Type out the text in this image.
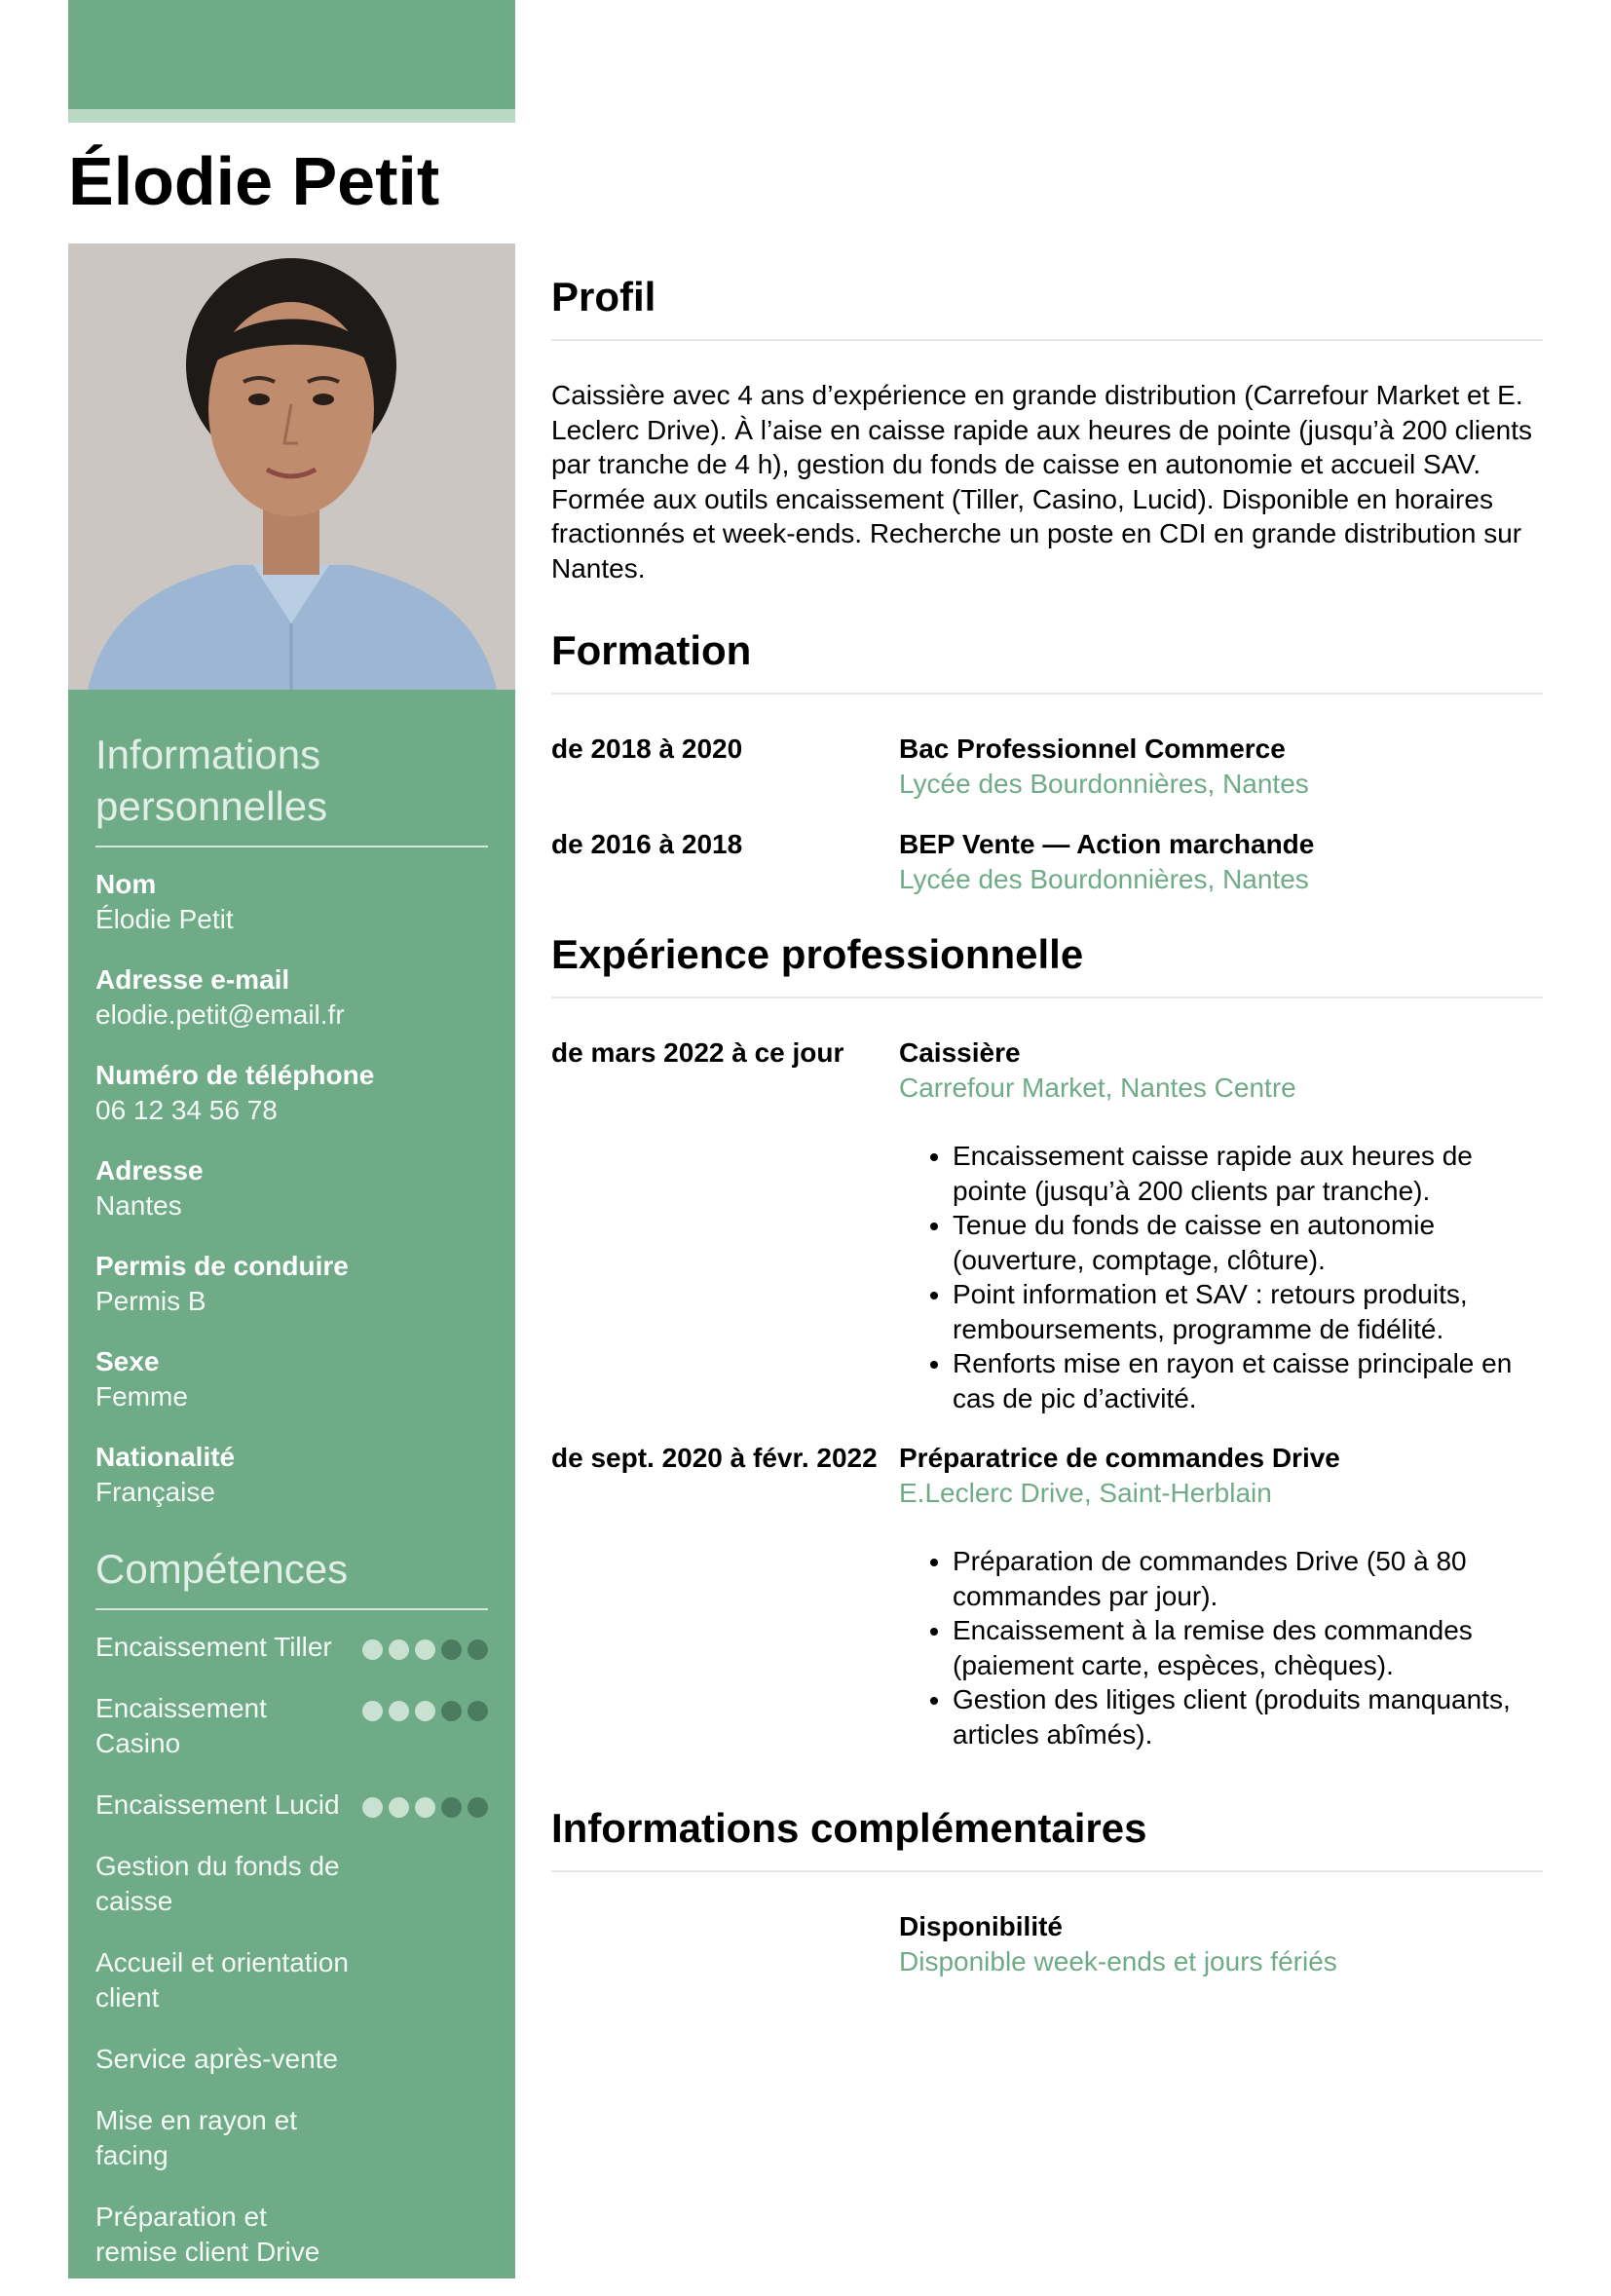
Élodie Petit
Informations personnelles
Nom
Élodie Petit
Adresse e-mail
elodie.petit@email.fr
Numéro de téléphone
06 12 34 56 78
Adresse
Nantes
Permis de conduire
Permis B
Sexe
Femme
Nationalité
Française
Compétences
Encaissement Tiller
Encaissement Casino
Encaissement Lucid
Gestion du fonds de caisse
Accueil et orientation client
Service après-vente
Mise en rayon et facing
Préparation et remise client Drive
Profil

Caissière avec 4 ans d’expérience en grande distribution (Carrefour Market et E. Leclerc Drive). À l’aise en caisse rapide aux heures de pointe (jusqu’à 200 clients par tranche de 4 h), gestion du fonds de caisse en autonomie et accueil SAV. Formée aux outils encaissement (Tiller, Casino, Lucid). Disponible en horaires fractionnés et week-ends. Recherche un poste en CDI en grande distribution sur Nantes.

Formation
de 2018 à 2020	Bac Professionnel Commerce
Lycée des Bourdonnières, Nantes
de 2016 à 2018	BEP Vente — Action marchande
Lycée des Bourdonnières, Nantes
Expérience professionnelle
de mars 2022 à ce jour	Caissière
Carrefour Market, Nantes Centre
• Encaissement caisse rapide aux heures de pointe (jusqu’à 200 clients par tranche).
• Tenue du fonds de caisse en autonomie (ouverture, comptage, clôture).
• Point information et SAV : retours produits, remboursements, programme de fidélité.
• Renforts mise en rayon et caisse principale en cas de pic d’activité.
de sept. 2020 à févr. 2022 Préparatrice de commandes Drive
E.Leclerc Drive, Saint-Herblain
• Préparation de commandes Drive (50 à 80 commandes par jour).
• Encaissement à la remise des commandes (paiement carte, espèces, chèques).
• Gestion des litiges client (produits manquants, articles abîmés).
Informations complémentaires
Disponibilité
Disponible week-ends et jours fériés
